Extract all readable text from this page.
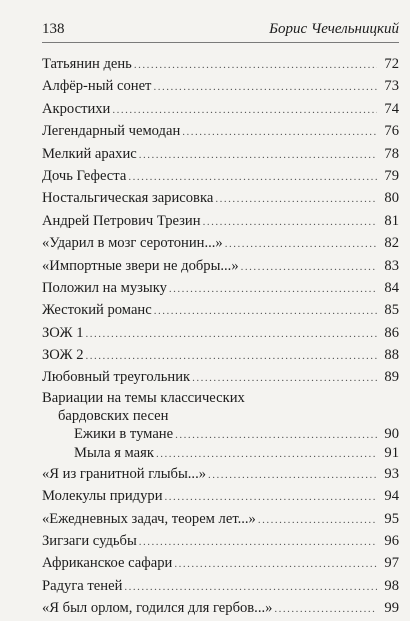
138	Борис Чечельницкий
Татьянин день .....	72
Алфёр-ный сонет .....	73
Акростихи .....	74
Легендарный чемодан .....	76
Мелкий арахис .....	78
Дочь Гефеста .....	79
Ностальгическая зарисовка .....	80
Андрей Петрович Трезин .....	81
«Ударил в мозг серотонин...» .....	82
«Импортные звери не добры...» .....	83
Положил на музыку .....	84
Жестокий романс .....	85
ЗОЖ 1 .....	86
ЗОЖ 2 .....	88
Любовный треугольник .....	89
Вариации на темы классических
бардовских песен
Ежики в тумане .....	90
Мыла я маяк .....	91
«Я из гранитной глыбы...» .....	93
Молекулы придури .....	94
«Ежедневных задач, теорем лет...» .....	95
Зигзаги судьбы .....	96
Африканское сафари .....	97
Радуга теней .....	98
«Я был орлом, годился для гербов...» .....	99
